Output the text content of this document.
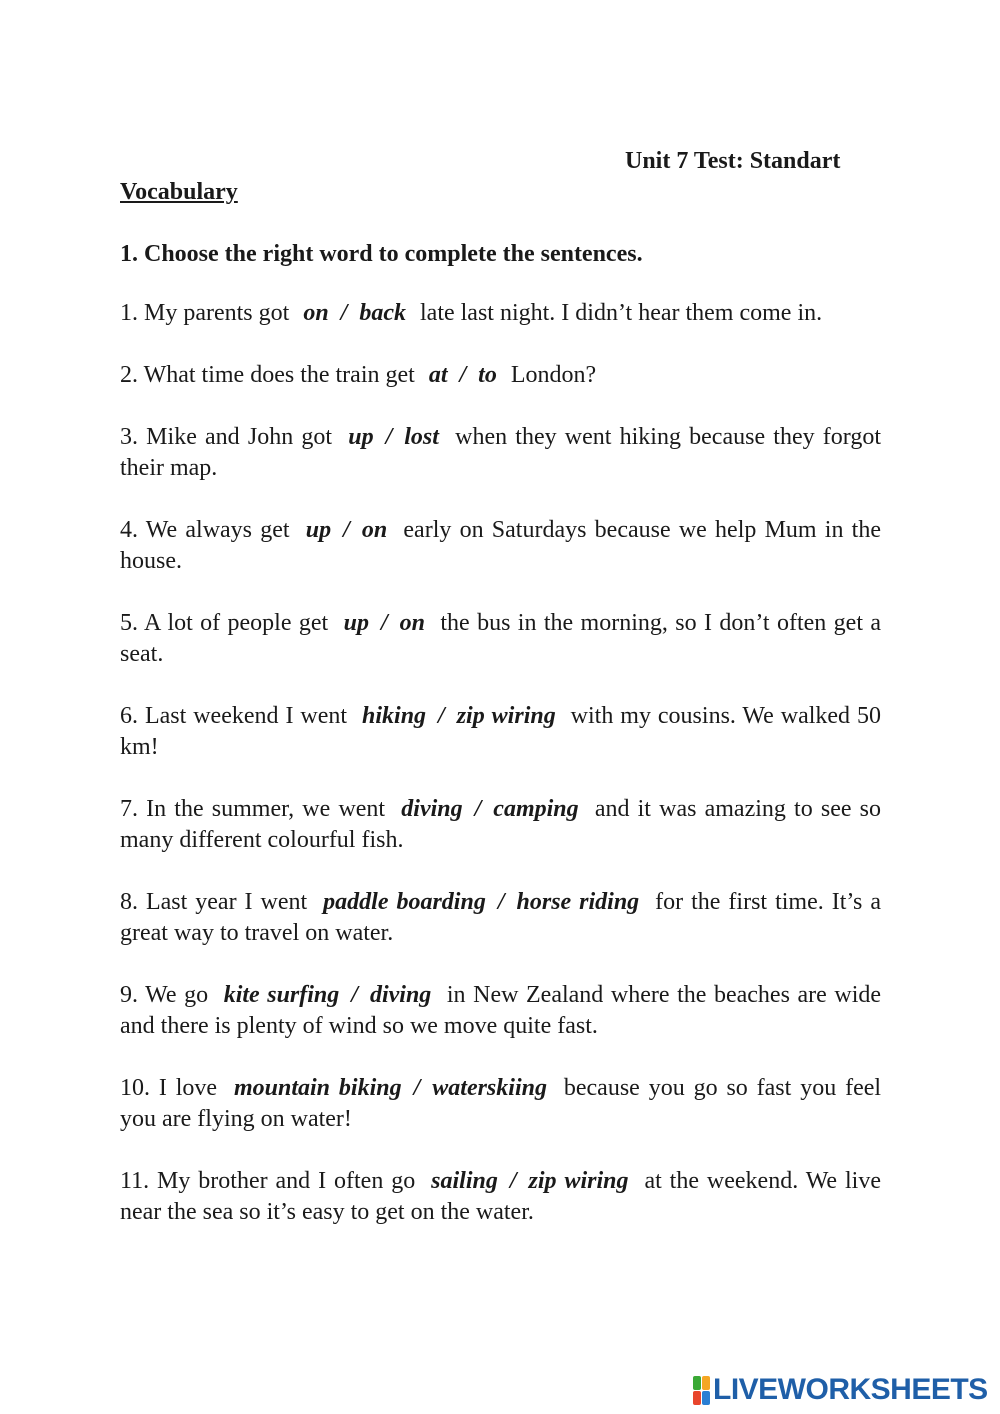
Unit 7 Test: Standart
Vocabulary

1. Choose the right word to complete the sentences.

1. My parents got on / back late last night. I didn’t hear them come in.
2. What time does the train get at / to London?
3. Mike and John got up / lost when they went hiking because they forgot their map.
4. We always get up / on early on Saturdays because we help Mum in the house.
5. A lot of people get up / on the bus in the morning, so I don’t often get a seat.
6. Last weekend I went hiking / zip wiring with my cousins. We walked 50 km!
7. In the summer, we went diving / camping and it was amazing to see so many different colourful fish.
8. Last year I went paddle boarding / horse riding for the first time. It’s a great way to travel on water.
9. We go kite surfing / diving in New Zealand where the beaches are wide and there is plenty of wind so we move quite fast.
10. I love mountain biking / waterskiing because you go so fast you feel you are flying on water!
11. My brother and I often go sailing / zip wiring at the weekend. We live near the sea so it’s easy to get on the water.
LIVEWORKSHEETS
